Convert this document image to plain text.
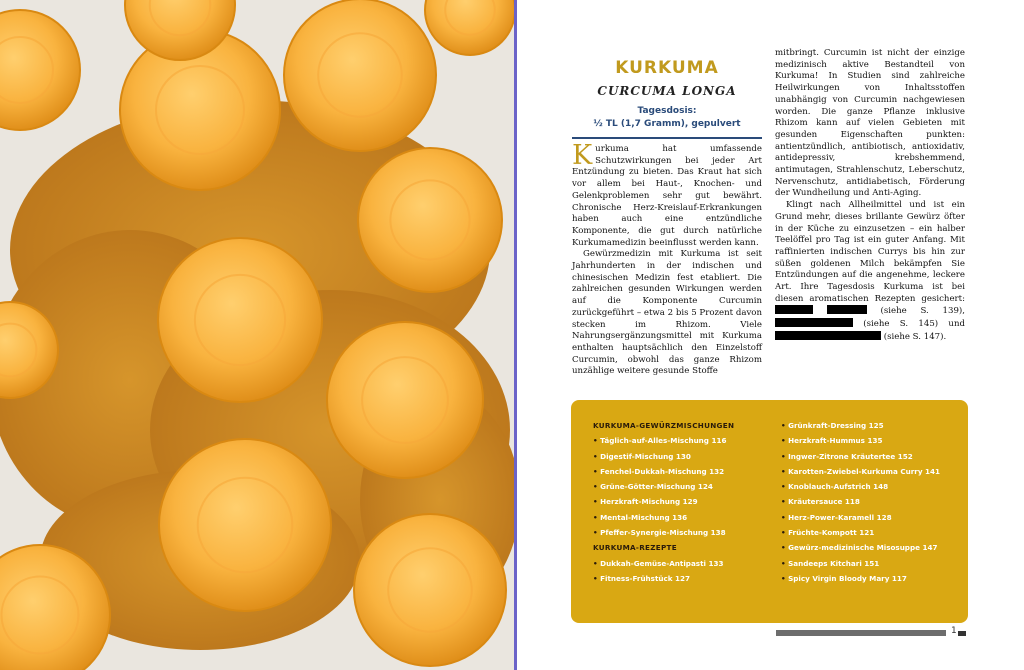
KURKUMA
CURCUMA LONGA
Tagesdosis:
½ TL (1,7 Gramm), gepulvert

Kurkuma hat umfassende Schutzwirkungen bei jeder Art Entzündung zu bieten. Das Kraut hat sich vor allem bei Haut-, Knochen- und Gelenkproblemen sehr gut bewährt. Chronische Herz-Kreislauf-Erkrankungen haben auch eine entzündliche Komponente, die gut durch natürliche Kurkumamedizin beeinflusst werden kann.

Gewürzmedizin mit Kurkuma ist seit Jahrhunderten in der indischen und chinesischen Medizin fest etabliert. Die zahlreichen gesunden Wirkungen werden auf die Komponente Curcumin zurückgeführt – etwa 2 bis 5 Prozent davon stecken im Rhizom. Viele Nahrungsergänzungsmittel mit Kurkuma enthalten hauptsächlich den Einzelstoff Curcumin, obwohl das ganze Rhizom unzählige weitere gesunde Stoffe

mitbringt. Curcumin ist nicht der einzige medizinisch aktive Bestandteil von Kurkuma! In Studien sind zahlreiche Heilwirkungen von Inhaltsstoffen unabhängig von Curcumin nachgewiesen worden. Die ganze Pflanze inklusive Rhizom kann auf vielen Gebieten mit gesunden Eigenschaften punkten: antientzündlich, antibiotisch, antioxidativ, antidepressiv, krebshemmend, antimutagen, Strahlenschutz, Leberschutz, Nervenschutz, antidiabetisch, Förderung der Wundheilung und Anti-Aging.

Klingt nach Allheilmittel und ist ein Grund mehr, dieses brillante Gewürz öfter in der Küche zu einzusetzen – ein halber Teelöffel pro Tag ist ein guter Anfang. Mit raffinierten indischen Currys bis hin zur süßen goldenen Milch bekämpfen Sie Entzündungen auf die angenehme, leckere Art. Ihre Tagesdosis Kurkuma ist bei diesen aromatischen Rezepten gesichert:   (siehe S. 139),  (siehe S. 145) und  (siehe S. 147).

KURKUMA-GEWÜRZMISCHUNGEN
• Täglich-auf-Alles-Mischung 116
• Digestif-Mischung 130
• Fenchel-Dukkah-Mischung 132
• Grüne-Götter-Mischung 124
• Herzkraft-Mischung 129
• Mental-Mischung 136
• Pfeffer-Synergie-Mischung 138
KURKUMA-REZEPTE
• Dukkah-Gemüse-Antipasti 133
• Fitness-Frühstück 127
• Grünkraft-Dressing 125
• Herzkraft-Hummus 135
• Ingwer-Zitrone Kräutertee 152
• Karotten-Zwiebel-Kurkuma Curry 141
• Knoblauch-Aufstrich 148
• Kräutersauce 118
• Herz-Power-Karamell 128
• Früchte-Kompott 121
• Gewürz-medizinische Misosuppe 147
• Sandeeps Kitchari 151
• Spicy Virgin Bloody Mary 117
1
